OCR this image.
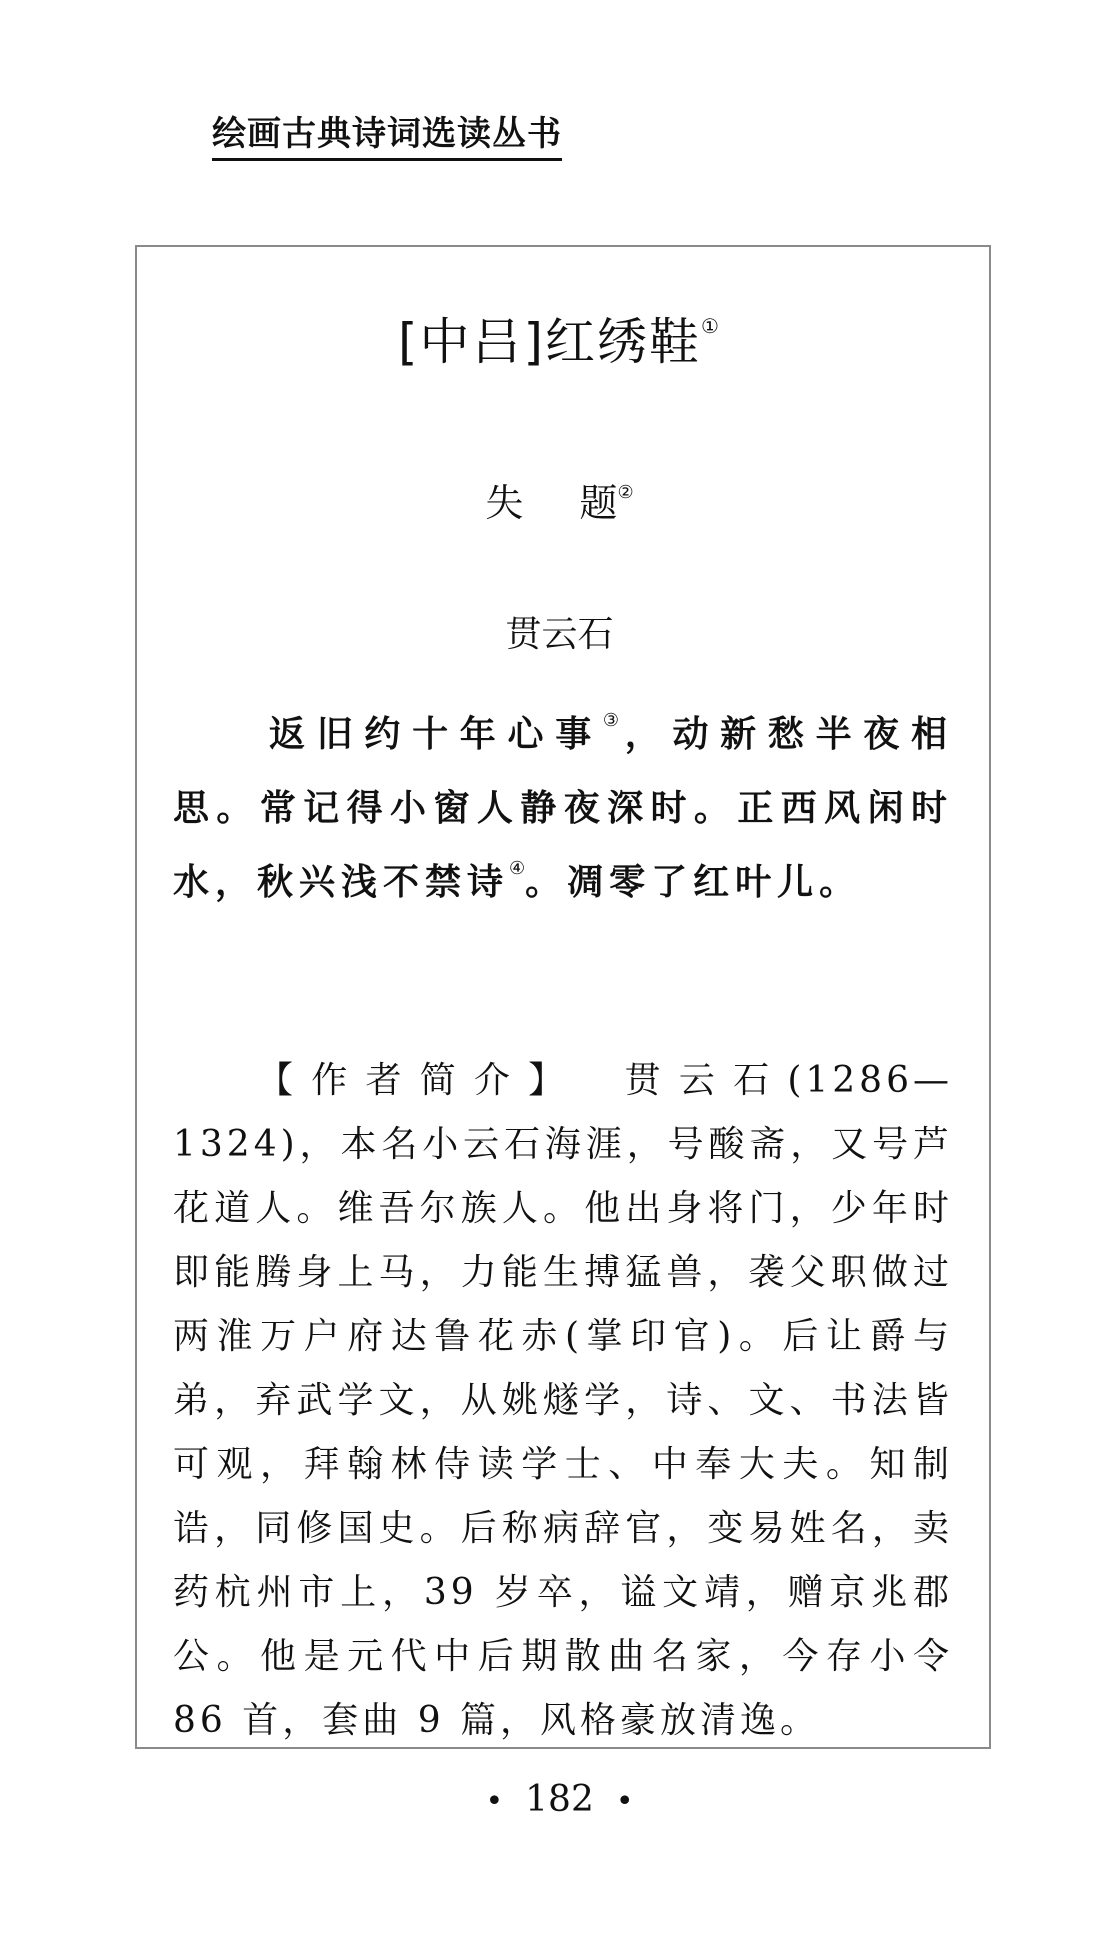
绘画古典诗词选读丛书
[中吕]红绣鞋①
失 题②
贯云石
返旧约十年心事③，动新愁半夜相思。常记得小窗人静夜深时。正西风闲时水，秋兴浅不禁诗④。凋零了红叶儿。
【作者简介】 贯云石(1286—1324)，本名小云石海涯，号酸斋，又号芦花道人。维吾尔族人。他出身将门，少年时即能腾身上马，力能生搏猛兽，袭父职做过两淮万户府达鲁花赤(掌印官)。后让爵与弟，弃武学文，从姚燧学，诗、文、书法皆可观，拜翰林侍读学士、中奉大夫。知制诰，同修国史。后称病辞官，变易姓名，卖药杭州市上，39 岁卒，谥文靖，赠京兆郡公。他是元代中后期散曲名家，今存小令 86 首，套曲 9 篇，风格豪放清逸。
• 182 •
